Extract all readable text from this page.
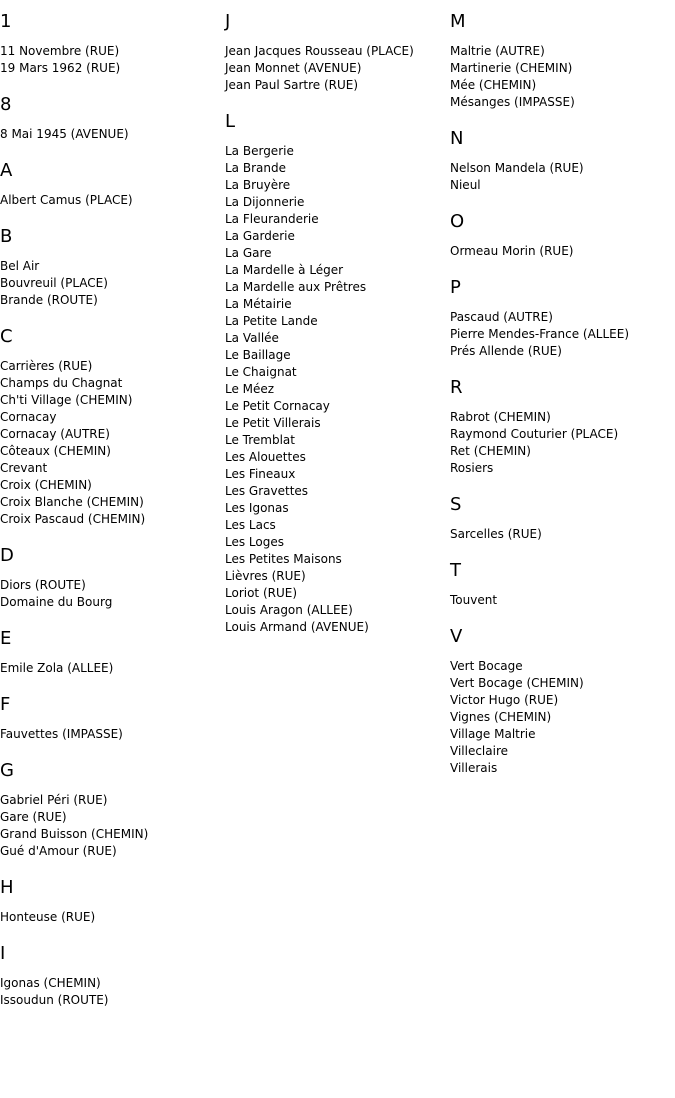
1
11 Novembre (RUE)
19 Mars 1962 (RUE)
8
8 Mai 1945 (AVENUE)
A
Albert Camus (PLACE)
B
Bel Air
Bouvreuil (PLACE)
Brande (ROUTE)
C
Carrières (RUE)
Champs du Chagnat
Ch'ti Village (CHEMIN)
Cornacay
Cornacay (AUTRE)
Côteaux (CHEMIN)
Crevant
Croix (CHEMIN)
Croix Blanche (CHEMIN)
Croix Pascaud (CHEMIN)
D
Diors (ROUTE)
Domaine du Bourg
E
Emile Zola (ALLEE)
F
Fauvettes (IMPASSE)
G
Gabriel Péri (RUE)
Gare (RUE)
Grand Buisson (CHEMIN)
Gué d'Amour (RUE)
H
Honteuse (RUE)
I
Igonas (CHEMIN)
Issoudun (ROUTE)
J
Jean Jacques Rousseau (PLACE)
Jean Monnet (AVENUE)
Jean Paul Sartre (RUE)
L
La Bergerie
La Brande
La Bruyère
La Dijonnerie
La Fleuranderie
La Garderie
La Gare
La Mardelle à Léger
La Mardelle aux Prêtres
La Métairie
La Petite Lande
La Vallée
Le Baillage
Le Chaignat
Le Méez
Le Petit Cornacay
Le Petit Villerais
Le Tremblat
Les Alouettes
Les Fineaux
Les Gravettes
Les Igonas
Les Lacs
Les Loges
Les Petites Maisons
Lièvres (RUE)
Loriot (RUE)
Louis Aragon (ALLEE)
Louis Armand (AVENUE)
M
Maltrie (AUTRE)
Martinerie (CHEMIN)
Mée (CHEMIN)
Mésanges (IMPASSE)
N
Nelson Mandela (RUE)
Nieul
O
Ormeau Morin (RUE)
P
Pascaud (AUTRE)
Pierre Mendes-France (ALLEE)
Prés Allende (RUE)
R
Rabrot (CHEMIN)
Raymond Couturier (PLACE)
Ret (CHEMIN)
Rosiers
S
Sarcelles (RUE)
T
Touvent
V
Vert Bocage
Vert Bocage (CHEMIN)
Victor Hugo (RUE)
Vignes (CHEMIN)
Village Maltrie
Villeclaire
Villerais
